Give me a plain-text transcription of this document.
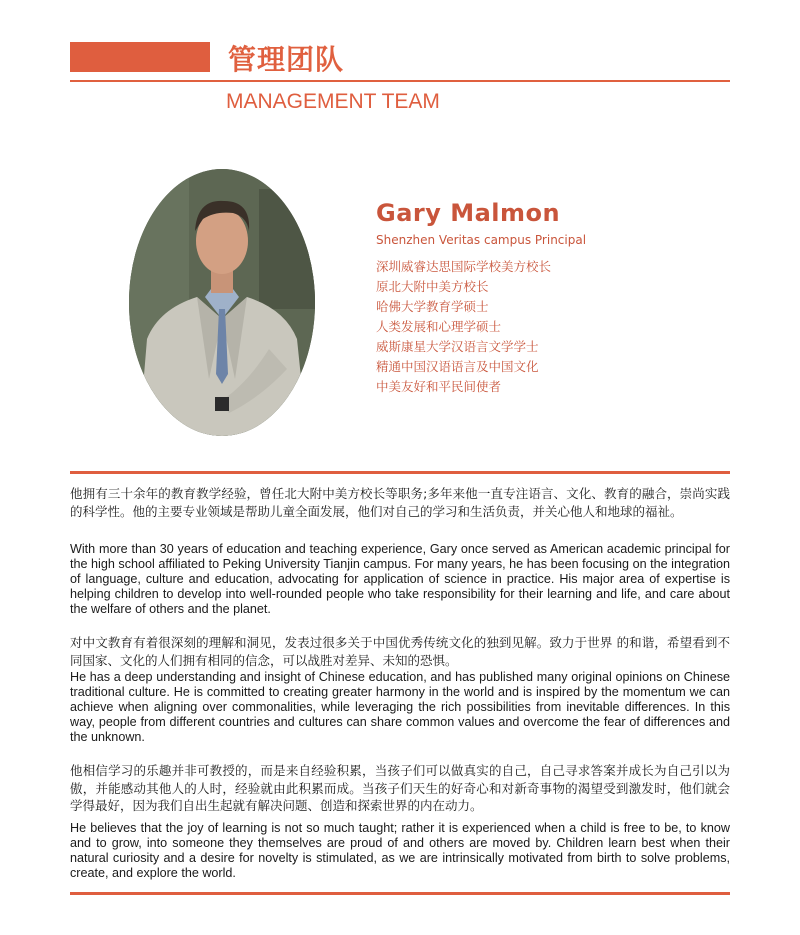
管理团队
MANAGEMENT TEAM
Gary Malmon
Shenzhen Veritas campus Principal
深圳威睿达思国际学校美方校长
原北大附中美方校长
哈佛大学教育学硕士
人类发展和心理学硕士
威斯康星大学汉语言文学学士
精通中国汉语语言及中国文化
中美友好和平民间使者

他拥有三十余年的教育教学经验，曾任北大附中美方校长等职务;多年来他一直专注语言、文化、教育的融合，崇尚实践的科学性。他的主要专业领域是帮助儿童全面发展，他们对自己的学习和生活负责，并关心他人和地球的福祉。

With more than 30 years of education and teaching experience, Gary once served as American academic principal for the high school affiliated to Peking University Tianjin campus. For many years, he has been focusing on the integration of language, culture and education, advocating for application of science in practice. His major area of expertise is helping children to develop into well-rounded people who take responsibility for their learning and life, and care about the welfare of others and the planet.

对中文教育有着很深刻的理解和洞见，发表过很多关于中国优秀传统文化的独到见解。致力于世界 的和谐，希望看到不同国家、文化的人们拥有相同的信念，可以战胜对差异、未知的恐惧。

He has a deep understanding and insight of Chinese education, and has published many original opinions on Chinese traditional culture. He is committed to creating greater harmony in the world and is inspired by the momentum we can achieve when aligning over commonalities, while leveraging the rich possibilities from inevitable differences. In this way, people from different countries and cultures can share common values and overcome the fear of differences and the unknown.

他相信学习的乐趣并非可教授的，而是来自经验积累，当孩子们可以做真实的自己，自己寻求答案并成长为自己引以为傲，并能感动其他人的人时，经验就由此积累而成。当孩子们天生的好奇心和对新奇事物的渴望受到激发时，他们就会学得最好，因为我们自出生起就有解决问题、创造和探索世界的内在动力。

He believes that the joy of learning is not so much taught; rather it is experienced when a child is free to be, to know and to grow, into someone they themselves are proud of and others are moved by. Children learn best when their natural curiosity and a desire for novelty is stimulated, as we are intrinsically motivated from birth to solve problems, create, and explore the world.
